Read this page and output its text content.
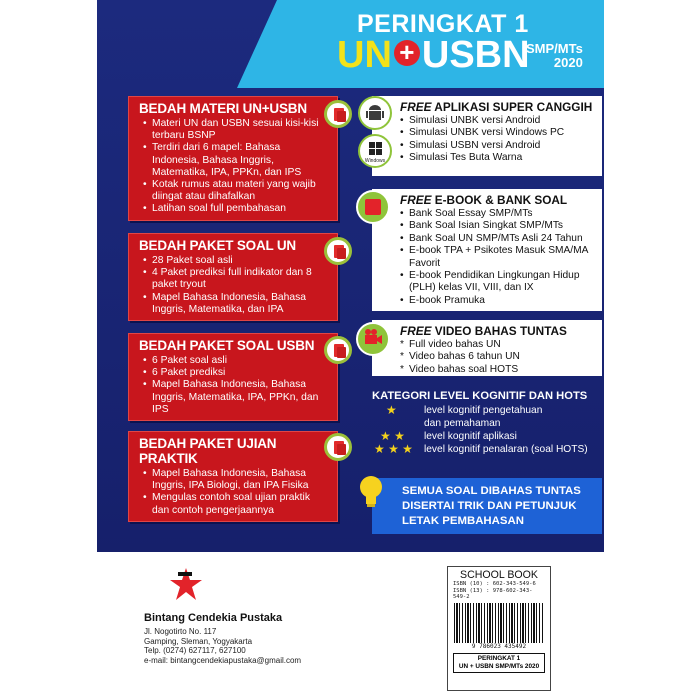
PERINGKAT 1
UN + USBN
SMP/MTs
2020
BEDAH MATERI UN+USBN
• Materi UN dan USBN sesuai kisi-kisi terbaru BSNP
• Terdiri dari 6 mapel: Bahasa Indonesia, Bahasa Inggris, Matematika, IPA, PPKn, dan IPS
• Kotak rumus atau materi yang wajib diingat atau dihafalkan
• Latihan soal full pembahasan
BEDAH PAKET SOAL UN
• 28 Paket soal asli
• 4 Paket prediksi full indikator dan 8 paket tryout
• Mapel Bahasa Indonesia, Bahasa Inggris, Matematika, dan IPA
BEDAH PAKET SOAL USBN
• 6 Paket soal asli
• 6 Paket prediksi
• Mapel Bahasa Indonesia, Bahasa Inggris, Matematika, IPA, PPKn, dan IPS
BEDAH PAKET UJIAN PRAKTIK
• Mapel Bahasa Indonesia, Bahasa Inggris, IPA Biologi, dan IPA Fisika
• Mengulas contoh soal ujian praktik dan contoh pengerjaannya
FREE APLIKASI SUPER CANGGIH
• Simulasi UNBK versi Android
• Simulasi UNBK versi Windows PC
• Simulasi USBN versi Android
• Simulasi Tes Buta Warna
Windows
FREE E-BOOK & BANK SOAL
• Bank Soal Essay SMP/MTs
• Bank Soal Isian Singkat SMP/MTs
• Bank Soal UN SMP/MTs Asli 24 Tahun
• E-book TPA + Psikotes Masuk SMA/MA Favorit
• E-book Pendidikan Lingkungan Hidup (PLH) kelas VII, VIII, dan IX
• E-book Pramuka
FREE VIDEO BAHAS TUNTAS
* Full video bahas UN
* Video bahas 6 tahun UN
* Video bahas soal HOTS
KATEGORI LEVEL KOGNITIF DAN HOTS
★	level kognitif pengetahuan
dan pemahaman
★ ★ level kognitif aplikasi
★ ★ ★ level kognitif penalaran (soal HOTS)
SEMUA SOAL DIBAHAS TUNTAS DISERTAI TRIK DAN PETUNJUK LETAK PEMBAHASAN
Bintang Cendekia Pustaka
Jl. Nogotirto No. 117
Gamping, Sleman, Yogyakarta
Telp. (0274) 627117, 627100
e-mail: bintangcendekiapustaka@gmail.com
SCHOOL BOOK
ISBN (10) : 602-343-549-6
ISBN (13) : 978-602-343-549-2
9 786023 435492
PERINGKAT 1
UN + USBN SMP/MTs 2020
